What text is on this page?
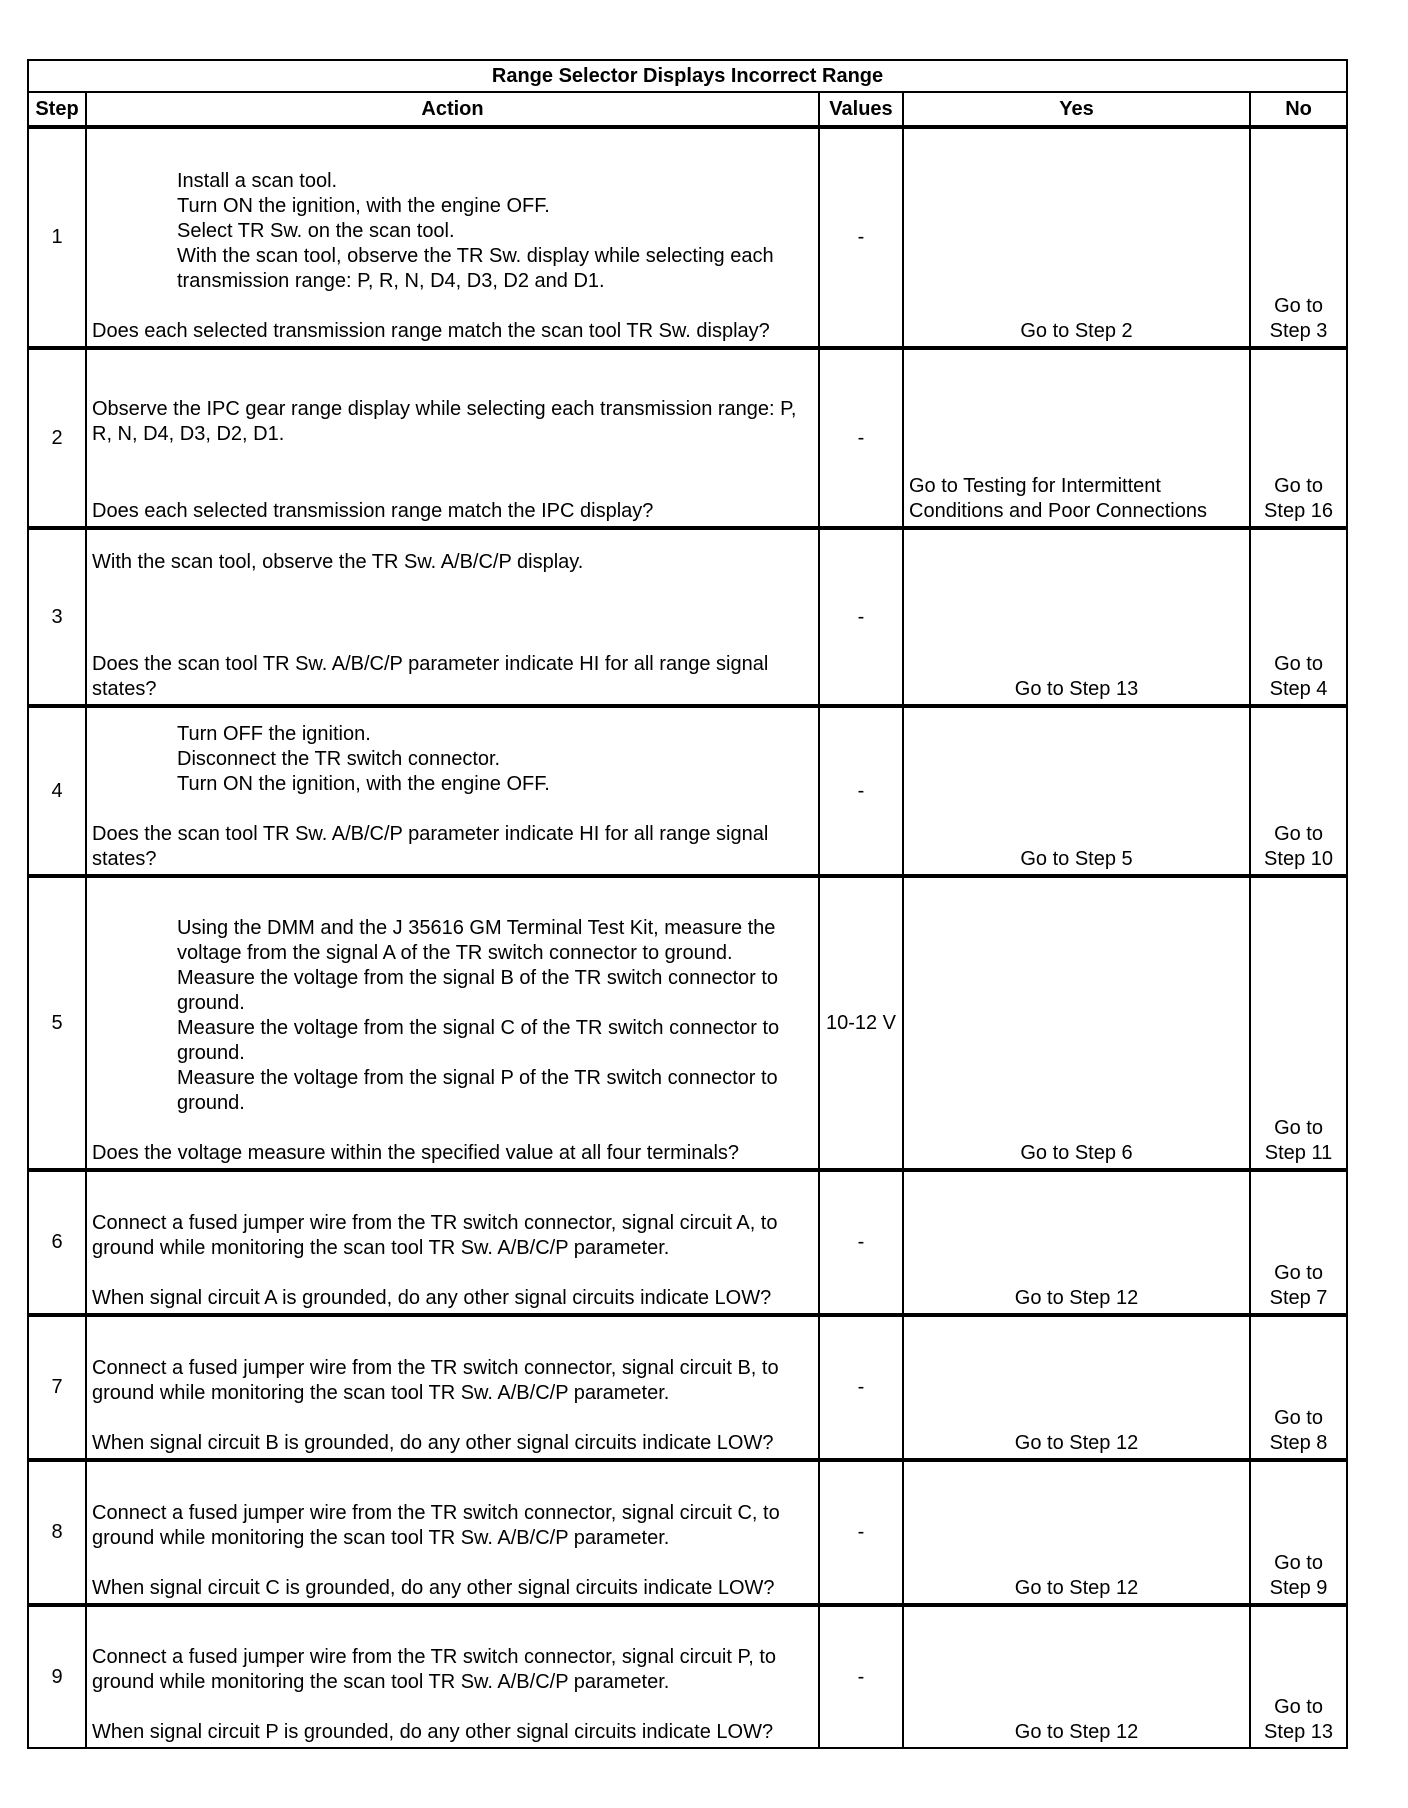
Range Selector Displays Incorrect Range				
Step	Action	Values	Yes	No
1	Install a scan tool.
Turn ON the ignition, with the engine OFF.
Select TR Sw. on the scan tool.
With the scan tool, observe the TR Sw. display while selecting each transmission range: P, R, N, D4, D3, D2 and D1.
Does each selected transmission range match the scan tool TR Sw. display?	-	Go to Step 2	Go to Step 3
2	Observe the IPC gear range display while selecting each transmission range: P, R, N, D4, D3, D2, D1.
Does each selected transmission range match the IPC display?	-	Go to Testing for Intermittent Conditions and Poor Connections	Go to Step 16
3	With the scan tool, observe the TR Sw. A/B/C/P display.
Does the scan tool TR Sw. A/B/C/P parameter indicate HI for all range signal states?	-	Go to Step 13	Go to Step 4
4	Turn OFF the ignition.
Disconnect the TR switch connector.
Turn ON the ignition, with the engine OFF.
Does the scan tool TR Sw. A/B/C/P parameter indicate HI for all range signal states?	-	Go to Step 5	Go to Step 10
5	Using the DMM and the J 35616 GM Terminal Test Kit, measure the voltage from the signal A of the TR switch connector to ground.
Measure the voltage from the signal B of the TR switch connector to ground.
Measure the voltage from the signal C of the TR switch connector to ground.
Measure the voltage from the signal P of the TR switch connector to ground.
Does the voltage measure within the specified value at all four terminals?	10-12 V	Go to Step 6	Go to Step 11
6	Connect a fused jumper wire from the TR switch connector, signal circuit A, to ground while monitoring the scan tool TR Sw. A/B/C/P parameter.
When signal circuit A is grounded, do any other signal circuits indicate LOW?	-	Go to Step 12	Go to Step 7
7	Connect a fused jumper wire from the TR switch connector, signal circuit B, to ground while monitoring the scan tool TR Sw. A/B/C/P parameter.
When signal circuit B is grounded, do any other signal circuits indicate LOW?	-	Go to Step 12	Go to Step 8
8	Connect a fused jumper wire from the TR switch connector, signal circuit C, to ground while monitoring the scan tool TR Sw. A/B/C/P parameter.
When signal circuit C is grounded, do any other signal circuits indicate LOW?	-	Go to Step 12	Go to Step 9
9	Connect a fused jumper wire from the TR switch connector, signal circuit P, to ground while monitoring the scan tool TR Sw. A/B/C/P parameter.
When signal circuit P is grounded, do any other signal circuits indicate LOW?	-	Go to Step 12	Go to Step 13
